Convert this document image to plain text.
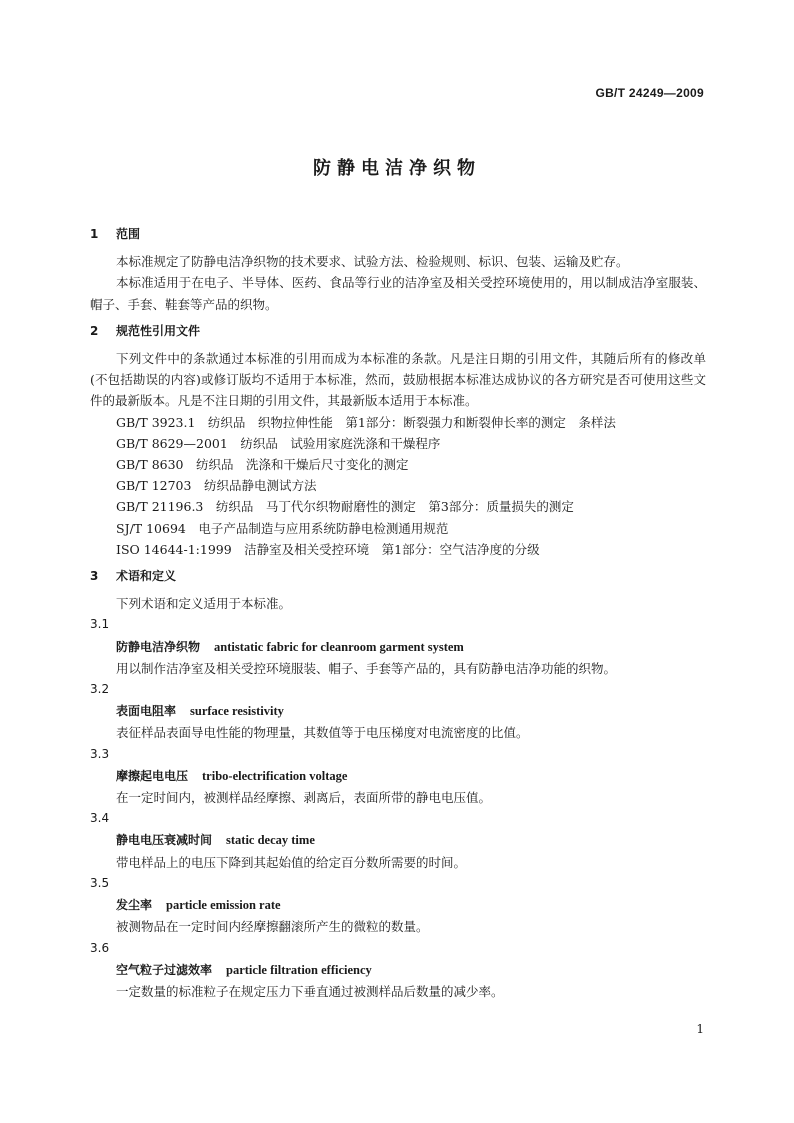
GB/T 24249—2009
防静电洁净织物
1 范围
本标准规定了防静电洁净织物的技术要求、试验方法、检验规则、标识、包装、运输及贮存。
本标准适用于在电子、半导体、医药、食品等行业的洁净室及相关受控环境使用的，用以制成洁净室服装、帽子、手套、鞋套等产品的织物。
2 规范性引用文件
下列文件中的条款通过本标准的引用而成为本标准的条款。凡是注日期的引用文件，其随后所有的修改单(不包括勘误的内容)或修订版均不适用于本标准，然而，鼓励根据本标准达成协议的各方研究是否可使用这些文件的最新版本。凡是不注日期的引用文件，其最新版本适用于本标准。
GB/T 3923.1　纺织品　织物拉伸性能　第1部分：断裂强力和断裂伸长率的测定　条样法
GB/T 8629—2001　纺织品　试验用家庭洗涤和干燥程序
GB/T 8630　纺织品　洗涤和干燥后尺寸变化的测定
GB/T 12703　纺织品静电测试方法
GB/T 21196.3　纺织品　马丁代尔织物耐磨性的测定　第3部分：质量损失的测定
SJ/T 10694　电子产品制造与应用系统防静电检测通用规范
ISO 14644-1:1999　洁静室及相关受控环境　第1部分：空气洁净度的分级
3 术语和定义
下列术语和定义适用于本标准。
3.1
防静电洁净织物 antistatic fabric for cleanroom garment system
用以制作洁净室及相关受控环境服装、帽子、手套等产品的，具有防静电洁净功能的织物。
3.2
表面电阻率 surface resistivity
表征样品表面导电性能的物理量，其数值等于电压梯度对电流密度的比值。
3.3
摩擦起电电压 tribo-electrification voltage
在一定时间内，被测样品经摩擦、剥离后，表面所带的静电电压值。
3.4
静电电压衰减时间 static decay time
带电样品上的电压下降到其起始值的给定百分数所需要的时间。
3.5
发尘率 particle emission rate
被测物品在一定时间内经摩擦翻滚所产生的微粒的数量。
3.6
空气粒子过滤效率 particle filtration efficiency
一定数量的标准粒子在规定压力下垂直通过被测样品后数量的减少率。
1
